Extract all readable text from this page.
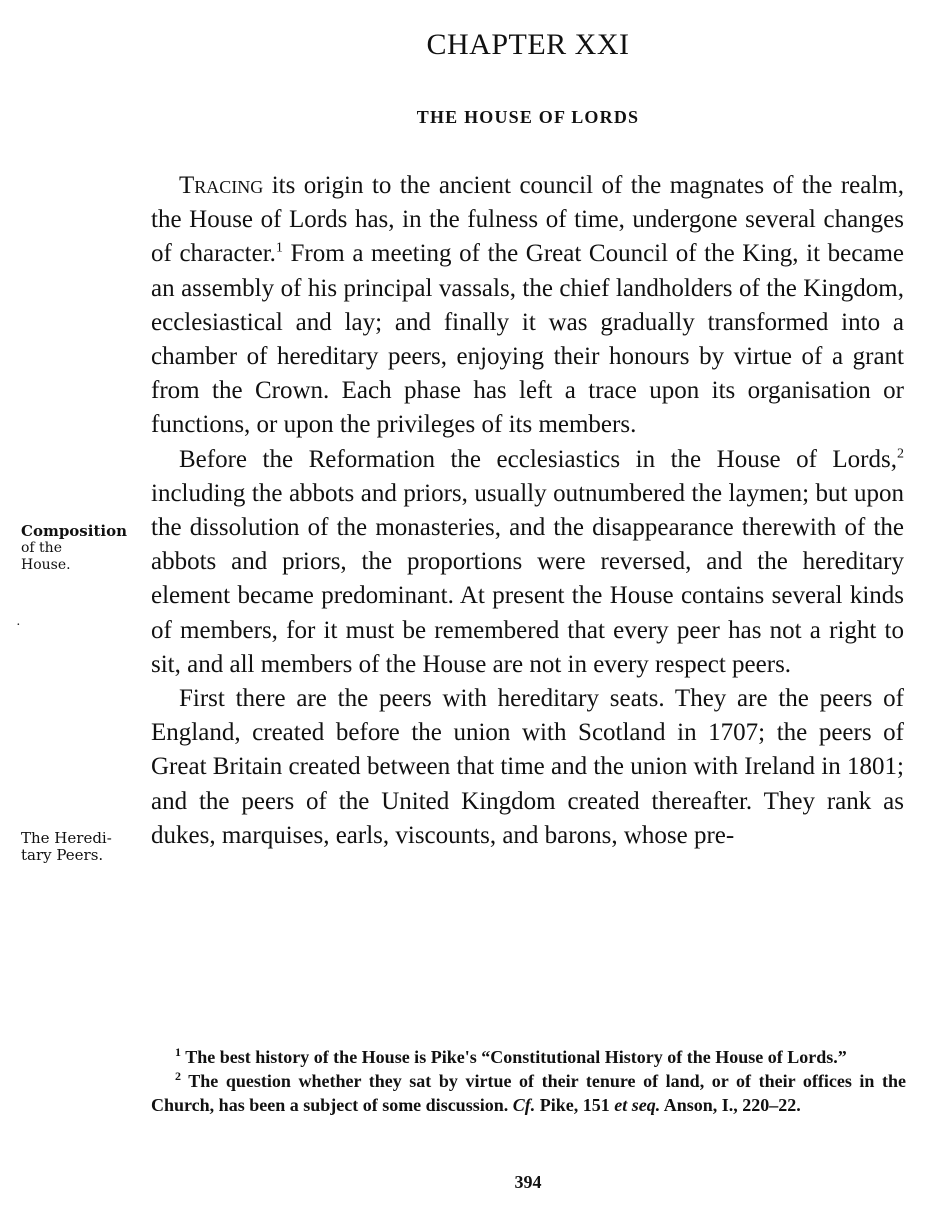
CHAPTER XXI
THE HOUSE OF LORDS

Tracing its origin to the ancient council of the magnates of the realm, the House of Lords has, in the fulness of time, undergone several changes of character.$^1$ From a meeting of the Great Council of the King, it became an assembly of his principal vassals, the chief landholders of the Kingdom, ecclesiastical and lay; and finally it was gradually transformed into a chamber of hereditary peers, enjoying their honours by virtue of a grant from the Crown. Each phase has left a trace upon its organisation or functions, or upon the privileges of its members.

Before the Reformation the ecclesiastics in the House of Lords,$^2$ including the abbots and priors, usually outnumbered the laymen; but upon the dissolution of the monasteries, and the disappearance therewith of the abbots and priors, the proportions were reversed, and the hereditary element became predominant. At present the House contains several kinds of members, for it must be remembered that every peer has not a right to sit, and all members of the House are not in every respect peers.

First there are the peers with hereditary seats. They are the peers of England, created before the union with Scotland in 1707; the peers of Great Britain created between that time and the union with Ireland in 1801; and the peers of the United Kingdom created thereafter. They rank as dukes, marquises, earls, viscounts, and barons, whose pre-

Composition
of the
House.
·
The Heredi-
tary Peers.

$^1$ The best history of the House is Pike's “Constitutional History of the House of Lords.”

$^2$ The question whether they sat by virtue of their tenure of land, or of their offices in the Church, has been a subject of some discussion. Cf. Pike, 151 et seq. Anson, I., 220–22.

394
